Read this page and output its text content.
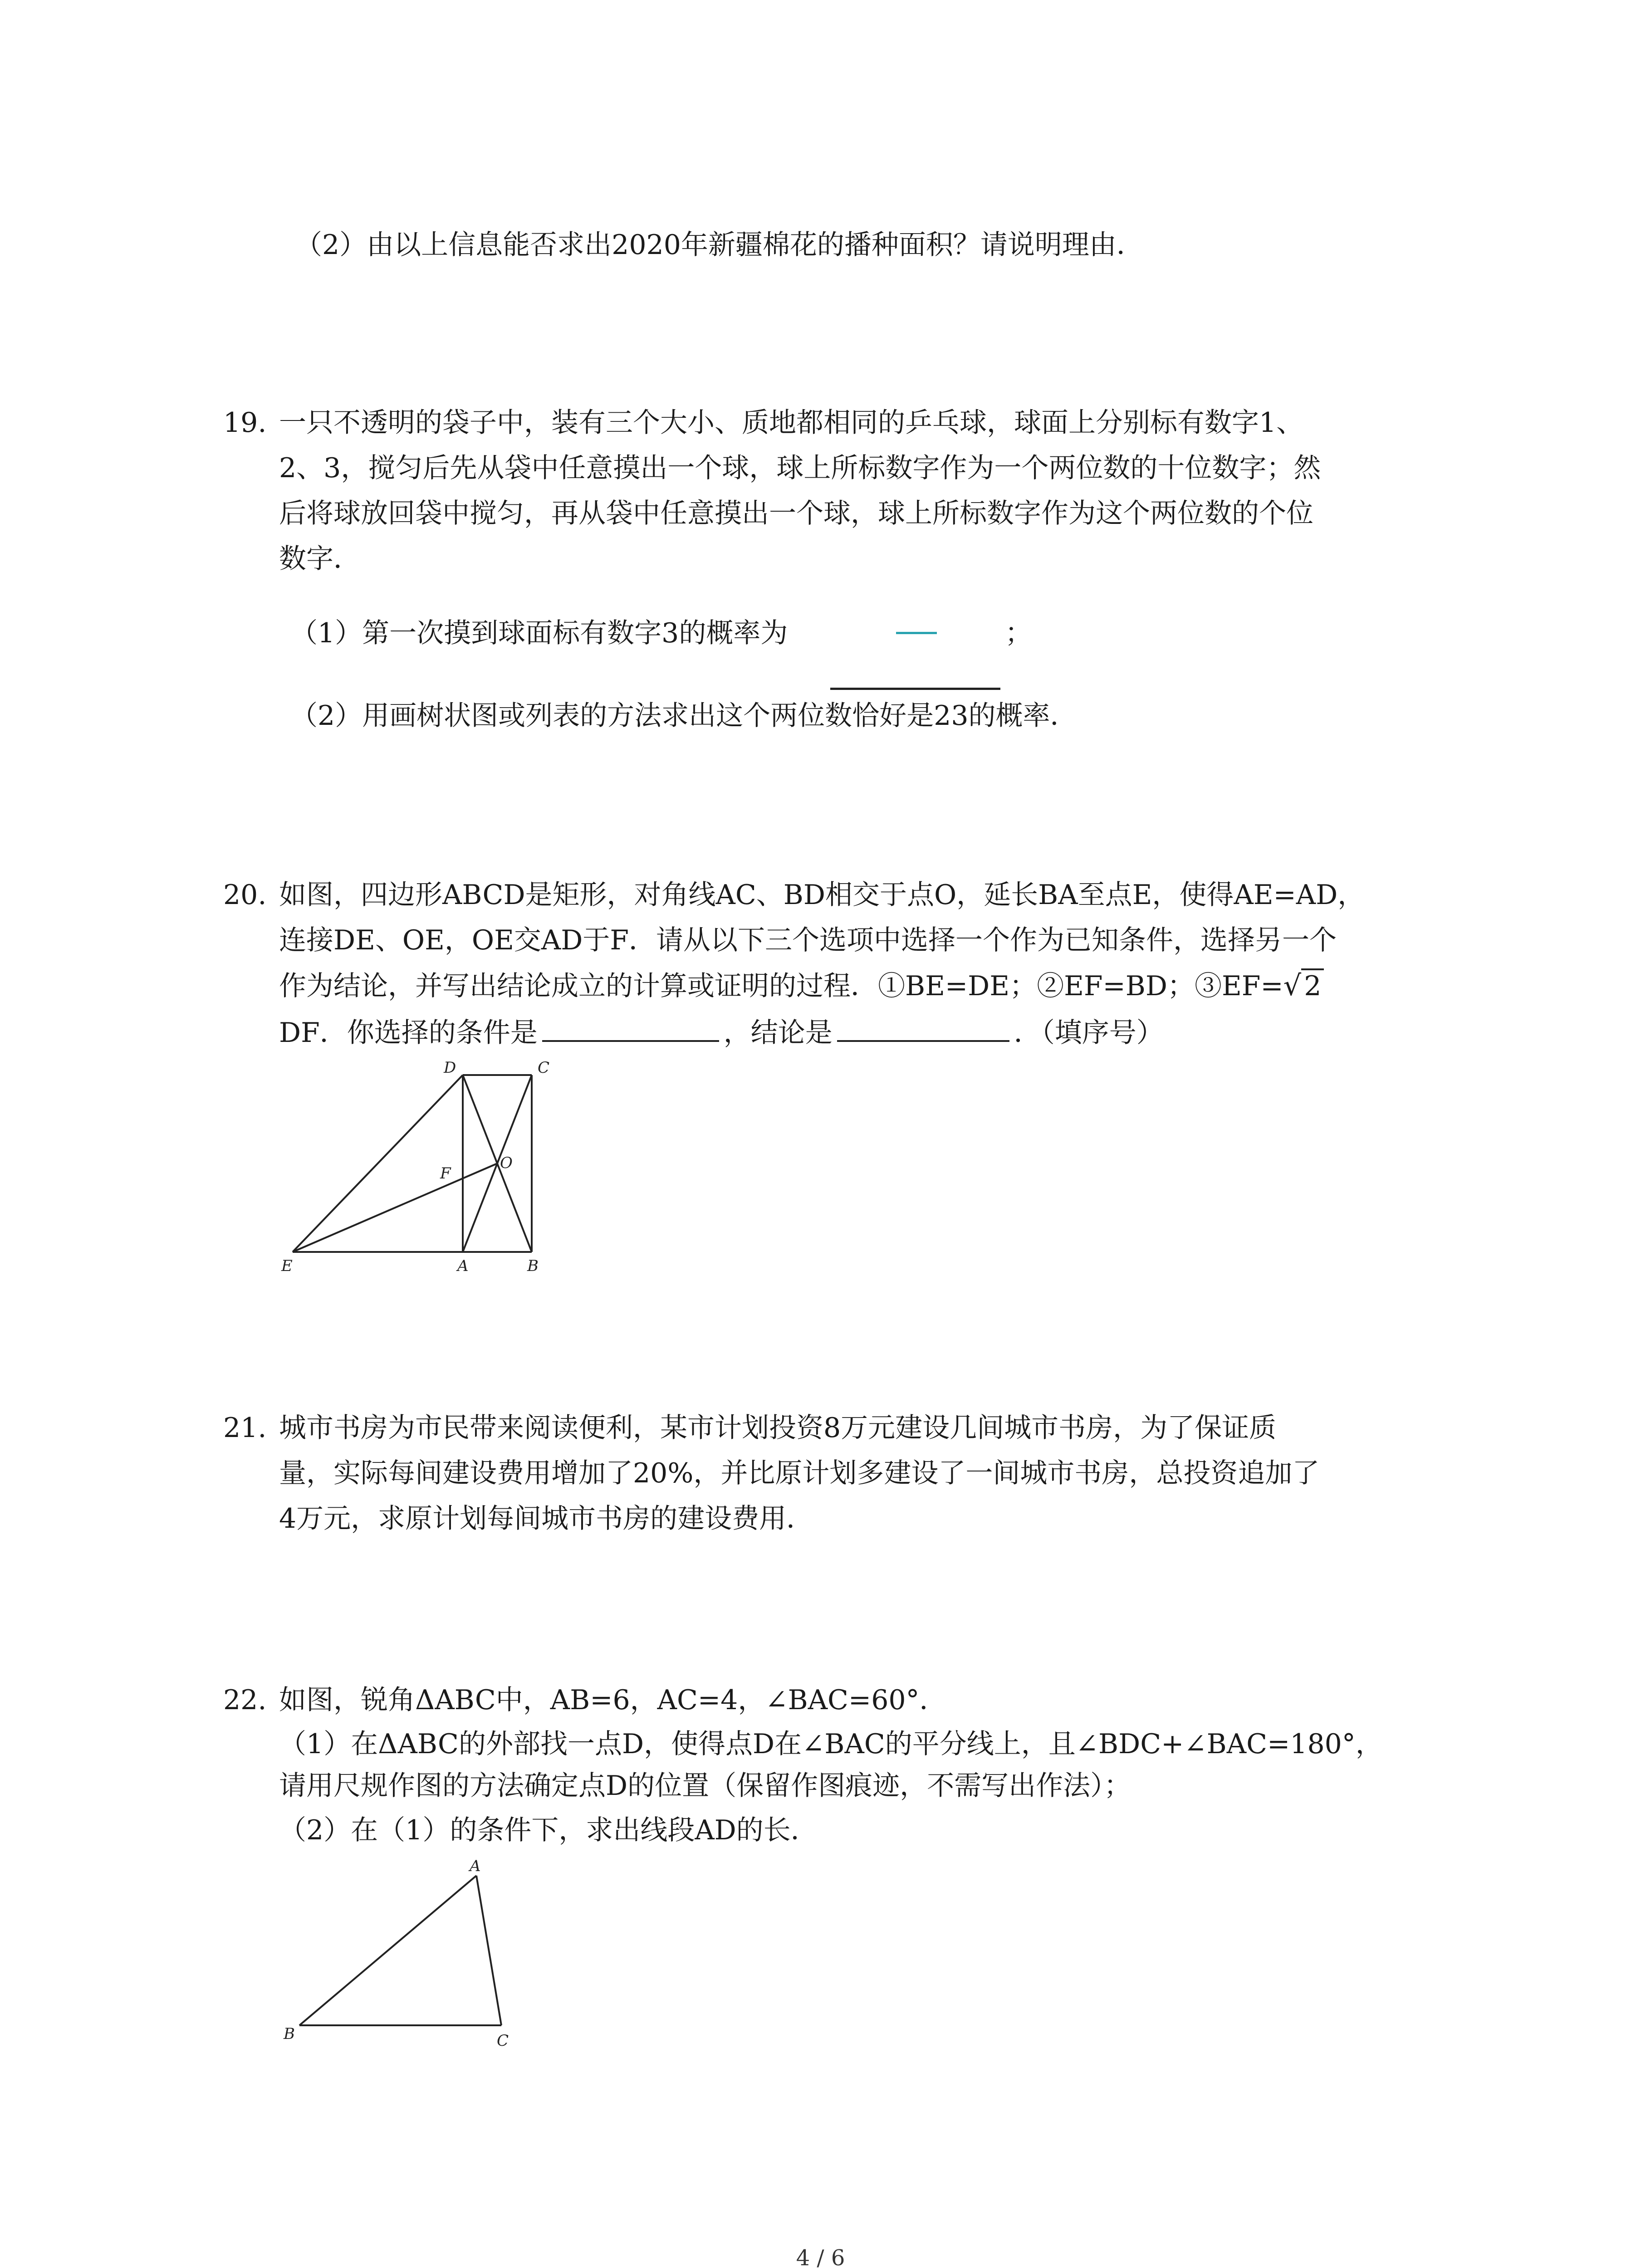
（2）由以上信息能否求出2020年新疆棉花的播种面积？请说明理由．
19. 一只不透明的袋子中，装有三个大小、质地都相同的乒乓球，球面上分别标有数字1、
2、3，搅匀后先从袋中任意摸出一个球，球上所标数字作为一个两位数的十位数字；然
后将球放回袋中搅匀，再从袋中任意摸出一个球，球上所标数字作为这个两位数的个位
数字．
（1）第一次摸到球面标有数字3的概率为	；
（2）用画树状图或列表的方法求出这个两位数恰好是23的概率．
20. 如图，四边形ABCD是矩形，对角线AC、BD相交于点O，延长BA至点E，使得AE=AD，
连接DE、OE，OE交AD于F．请从以下三个选项中选择一个作为已知条件，选择另一个
作为结论，并写出结论成立的计算或证明的过程．①BE=DE；②EF=BD；③EF=√ 2
DF．你选择的条件是	，结论是	．（填序号）
D	C
O
F
E	A	B
21. 城市书房为市民带来阅读便利，某市计划投资8万元建设几间城市书房，为了保证质
量，实际每间建设费用增加了20%，并比原计划多建设了一间城市书房，总投资追加了
4万元，求原计划每间城市书房的建设费用．
22. 如图，锐角ΔABC中，AB=6，AC=4，∠BAC=60°．
（1）在ΔABC的外部找一点D，使得点D在∠BAC的平分线上，且∠BDC+∠BAC=180°，
请用尺规作图的方法确定点D的位置（保留作图痕迹，不需写出作法）；
（2）在（1）的条件下，求出线段AD的长．
A
B	C
4 / 6
